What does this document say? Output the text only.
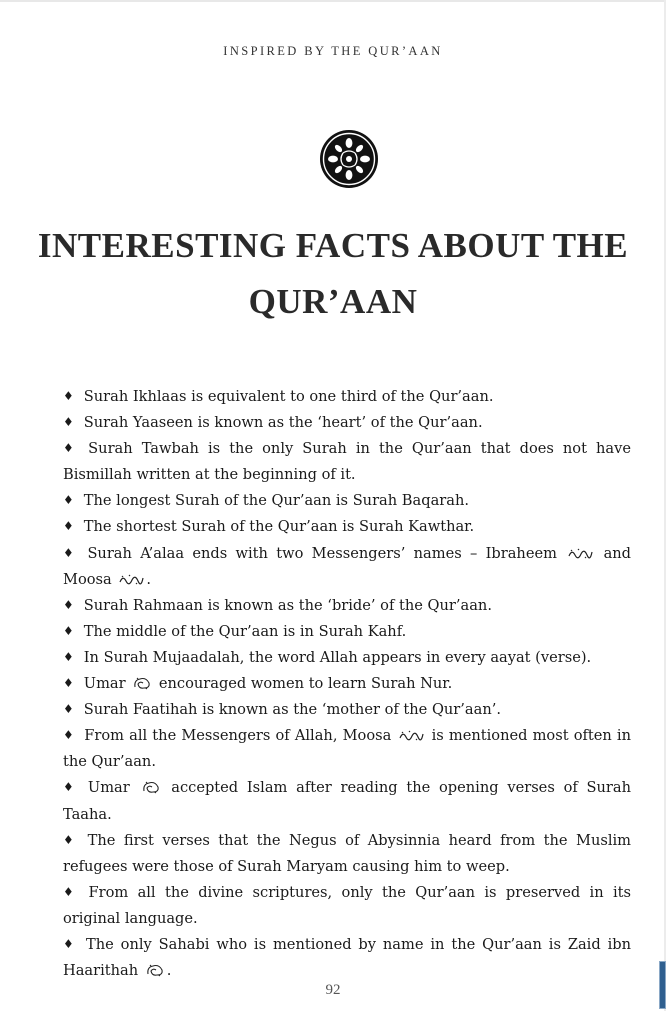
INSPIRED BY THE QUR’AAN
INTERESTING FACTS ABOUT THE
QUR’AAN
♦ Surah Ikhlaas is equivalent to one third of the Qur’aan.
♦ Surah Yaaseen is known as the ‘heart’ of the Qur’aan.
♦ Surah Tawbah is the only Surah in the Qur’aan that does not have Bismillah written at the beginning of it.
♦ The longest Surah of the Qur’aan is Surah Baqarah.
♦ The shortest Surah of the Qur’aan is Surah Kawthar.
♦ Surah A’alaa ends with two Messengers’ names – Ibraheem	and Moosa .
♦ Surah Rahmaan is known as the ‘bride’ of the Qur’aan.
♦ The middle of the Qur’aan is in Surah Kahf.
♦ In Surah Mujaadalah, the word Allah appears in every aayat (verse).
♦ Umar encouraged women to learn Surah Nur.
♦ Surah Faatihah is known as the ‘mother of the Qur’aan’.
♦ From all the Messengers of Allah, Moosa	is mentioned most often in the Qur’aan.
♦ Umar	accepted Islam after reading the opening verses of Surah Taaha.
♦ The first verses that the Negus of Abysinnia heard from the Muslim refugees were those of Surah Maryam causing him to weep.
♦ From all the divine scriptures, only the Qur’aan is preserved in its original language.
♦ The only Sahabi who is mentioned by name in the Qur’aan is Zaid ibn Haarithah .
92
